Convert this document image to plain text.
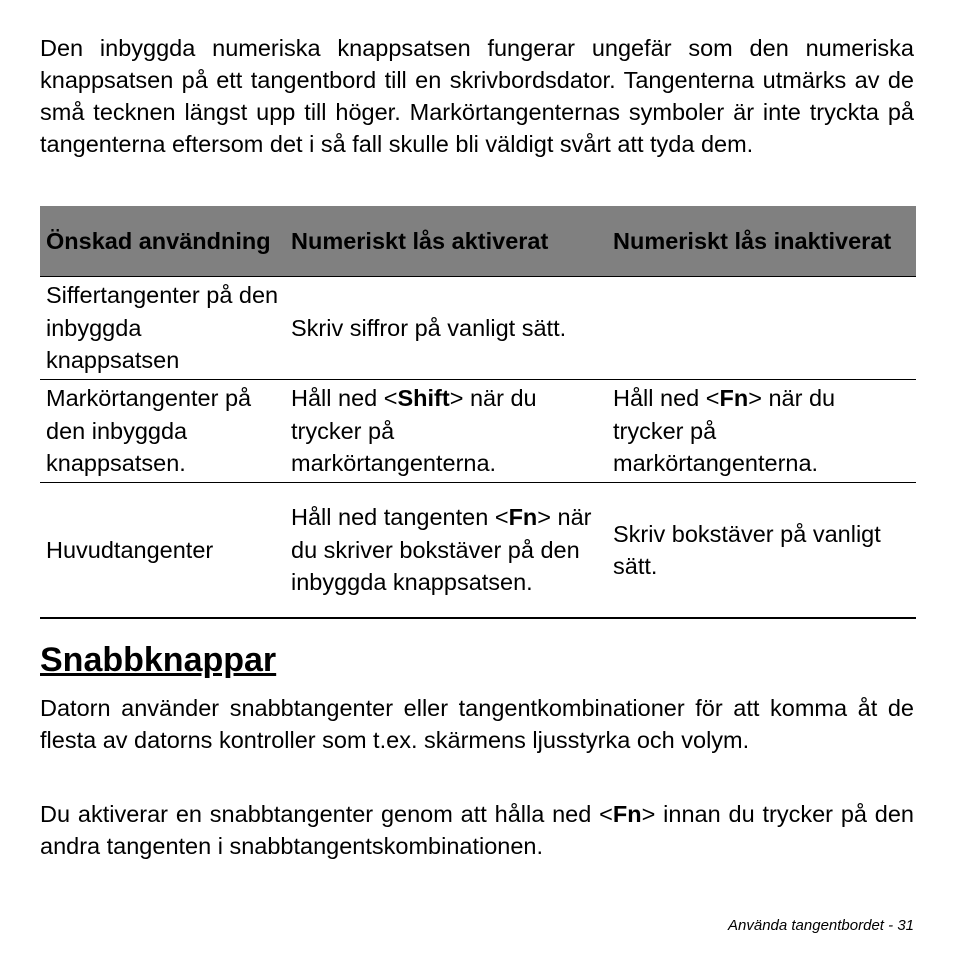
Den inbyggda numeriska knappsatsen fungerar ungefär som den numeriska knappsatsen på ett tangentbord till en skrivbordsdator. Tangenterna utmärks av de små tecknen längst upp till höger. Markörtangenternas symboler är inte tryckta på tangenterna eftersom det i så fall skulle bli väldigt svårt att tyda dem.

Önskad användning	Numeriskt lås aktiverat	Numeriskt lås inaktiverat
Siffertangenter på den inbyggda knappsatsen	Skriv siffror på vanligt sätt.	
Markörtangenter på den inbyggda knappsatsen.	Håll ned <Shift> när du trycker på markörtangenterna.	Håll ned <Fn> när du trycker på markörtangenterna.
Huvudtangenter	Håll ned tangenten <Fn> när du skriver bokstäver på den inbyggda knappsatsen.	Skriv bokstäver på vanligt sätt.
Snabbknappar

Datorn använder snabbtangenter eller tangentkombinationer för att komma åt de flesta av datorns kontroller som t.ex. skärmens ljusstyrka och volym.

Du aktiverar en snabbtangenter genom att hålla ned <Fn> innan du trycker på den andra tangenten i snabbtangentskombinationen.

Använda tangentbordet - 31
